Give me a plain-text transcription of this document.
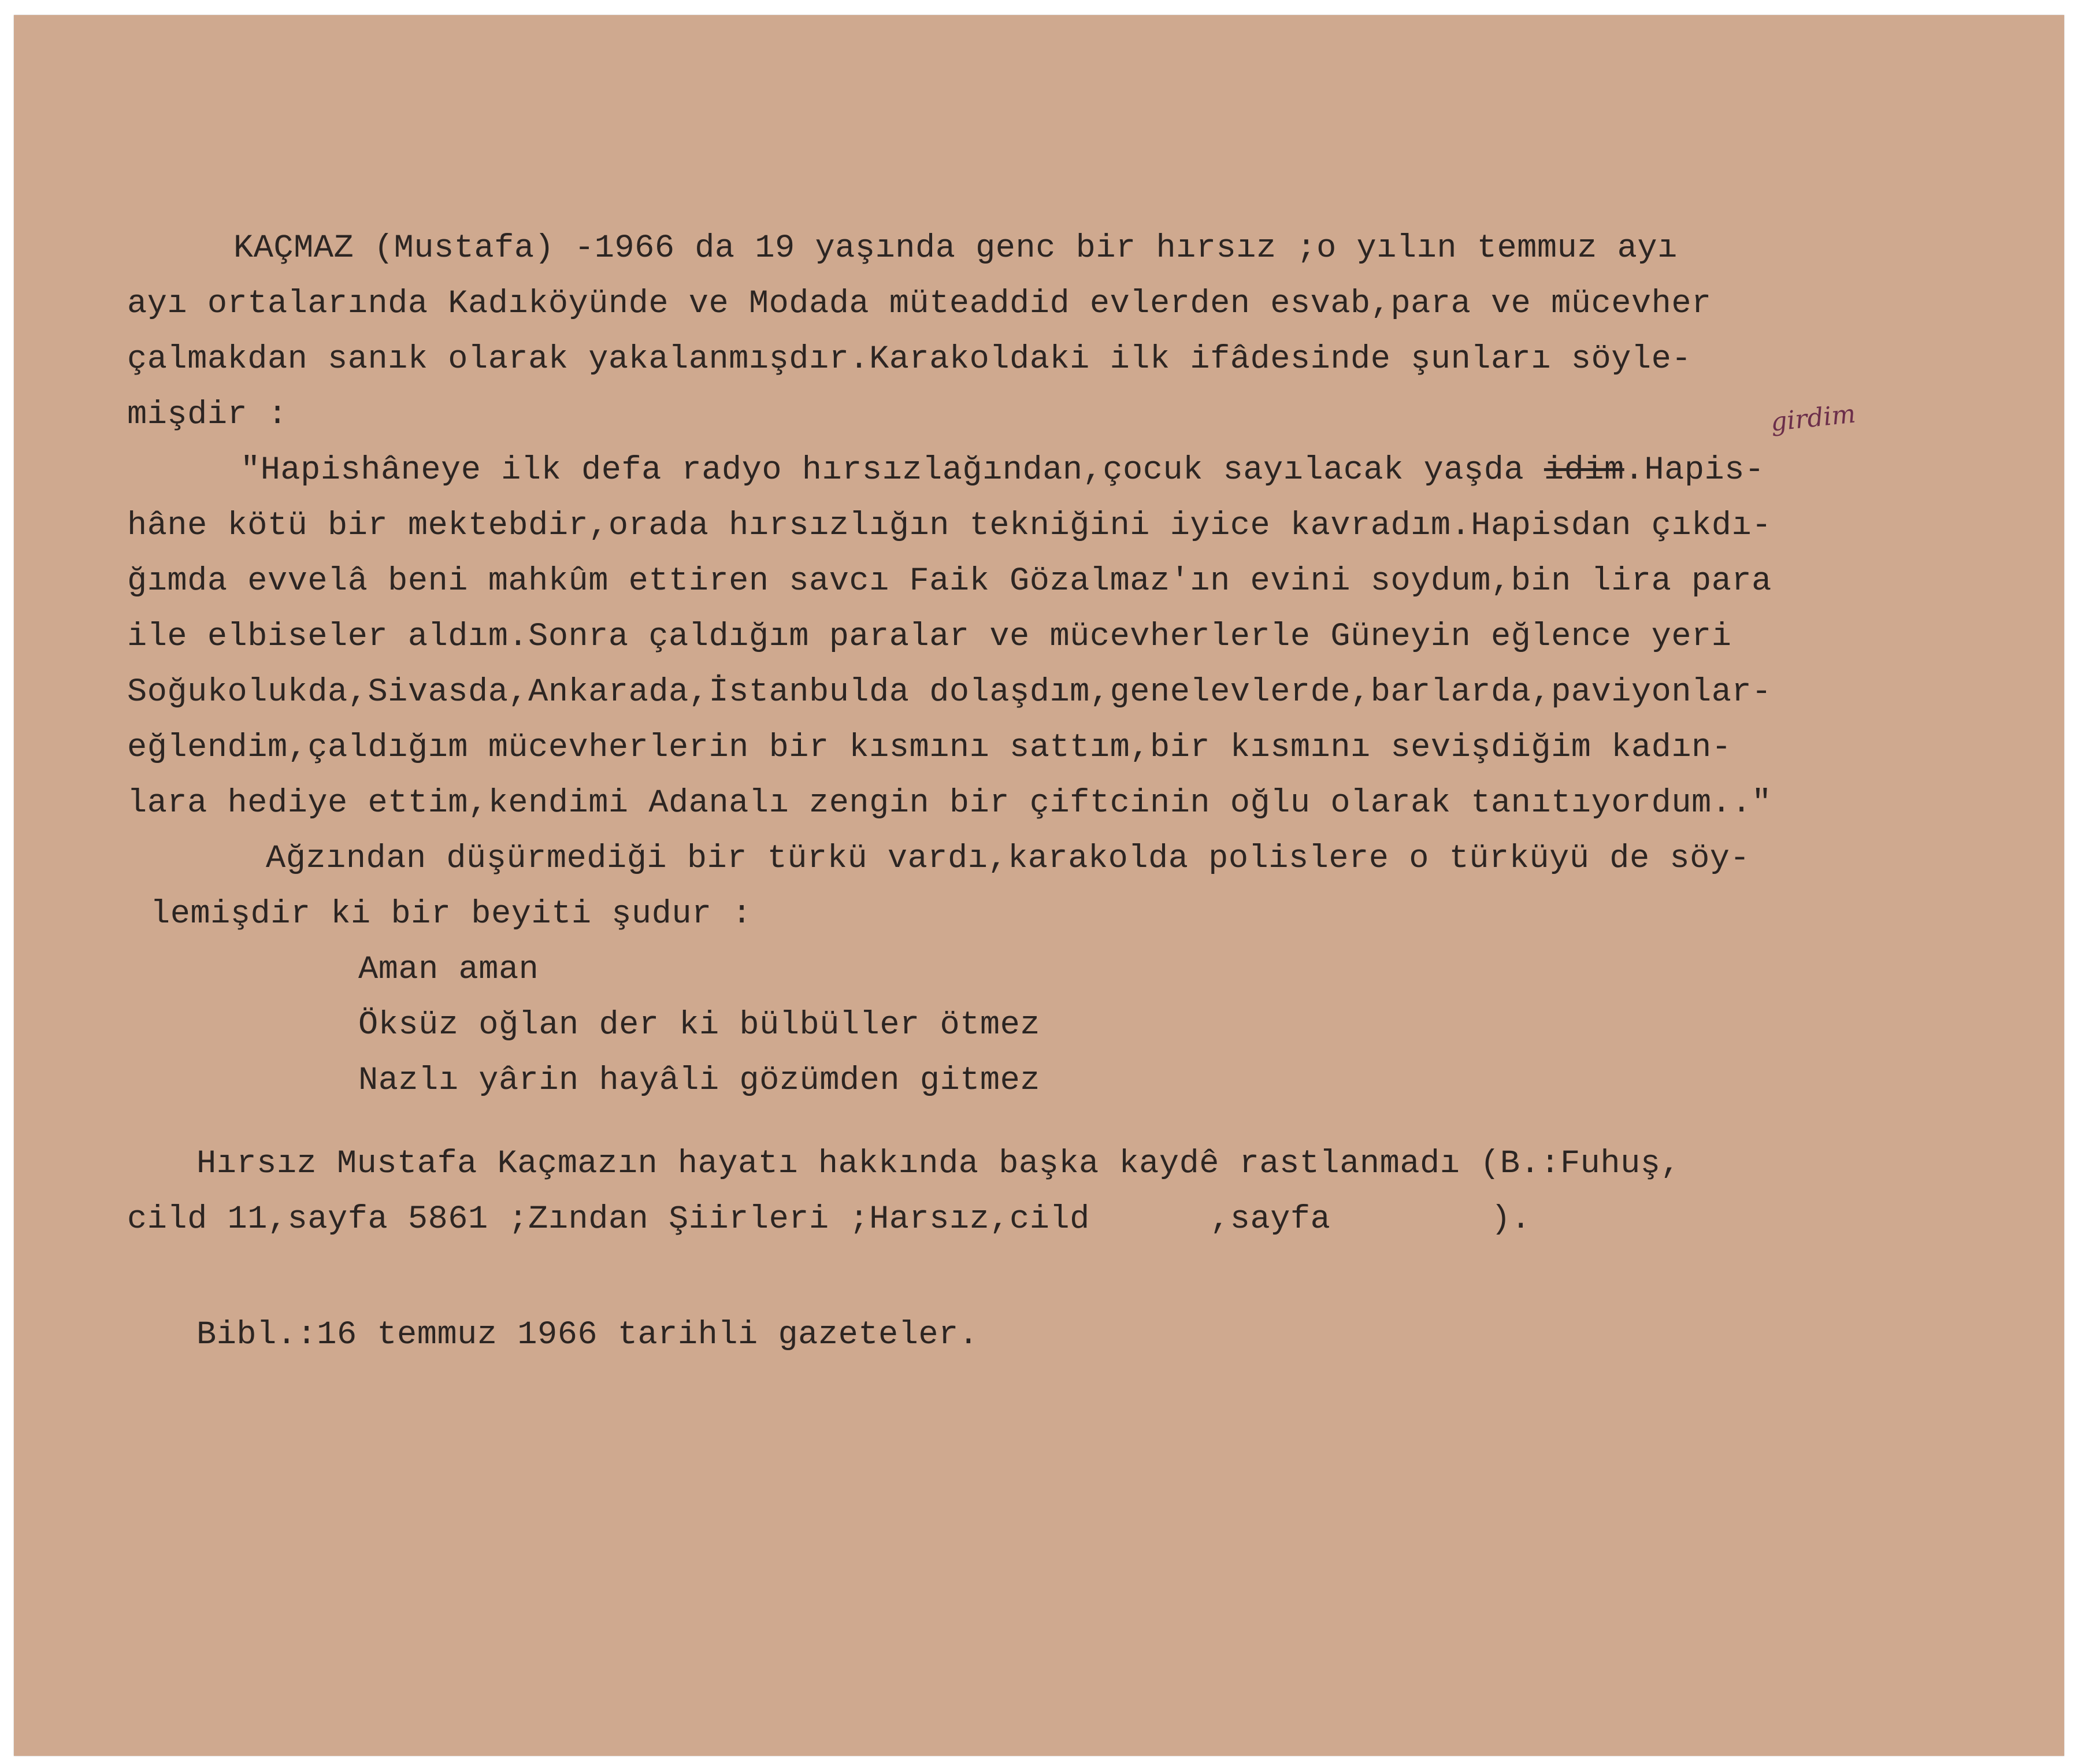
KAÇMAZ (Mustafa) -1966 da 19 yaşında genc bir hırsız ;o yılın temmuz ayı

ayı ortalarında Kadıköyünde ve Modada müteaddid evlerden esvab,para ve mücevher

çalmakdan sanık olarak yakalanmışdır.Karakoldaki ilk ifâdesinde şunları söyle-

mişdir :

"Hapishâneye ilk defa radyo hırsızlağından,çocuk sayılacak yaşda idim.Hapis-

hâne kötü bir mektebdir,orada hırsızlığın tekniğini iyice kavradım.Hapisdan çıkdı-

ğımda evvelâ beni mahkûm ettiren savcı Faik Gözalmaz'ın evini soydum,bin lira para

ile elbiseler aldım.Sonra çaldığım paralar ve mücevherlerle Güneyin eğlence yeri

Soğukolukda,Sivasda,Ankarada,İstanbulda dolaşdım,genelevlerde,barlarda,paviyonlar-

eğlendim,çaldığım mücevherlerin bir kısmını sattım,bir kısmını sevişdiğim kadın-

lara hediye ettim,kendimi Adanalı zengin bir çiftcinin oğlu olarak tanıtıyordum.."

Ağzından düşürmediği bir türkü vardı,karakolda polislere o türküyü de söy-

lemişdir ki bir beyiti şudur :

Aman aman

Öksüz oğlan der ki bülbüller ötmez

Nazlı yârin hayâli gözümden gitmez

Hırsız Mustafa Kaçmazın hayatı hakkında başka kaydê rastlanmadı (B.:Fuhuş,

cild 11,sayfa 5861 ;Zından Şiirleri ;Harsız,cild      ,sayfa        ).

Bibl.:16 temmuz 1966 tarihli gazeteler.

girdim
